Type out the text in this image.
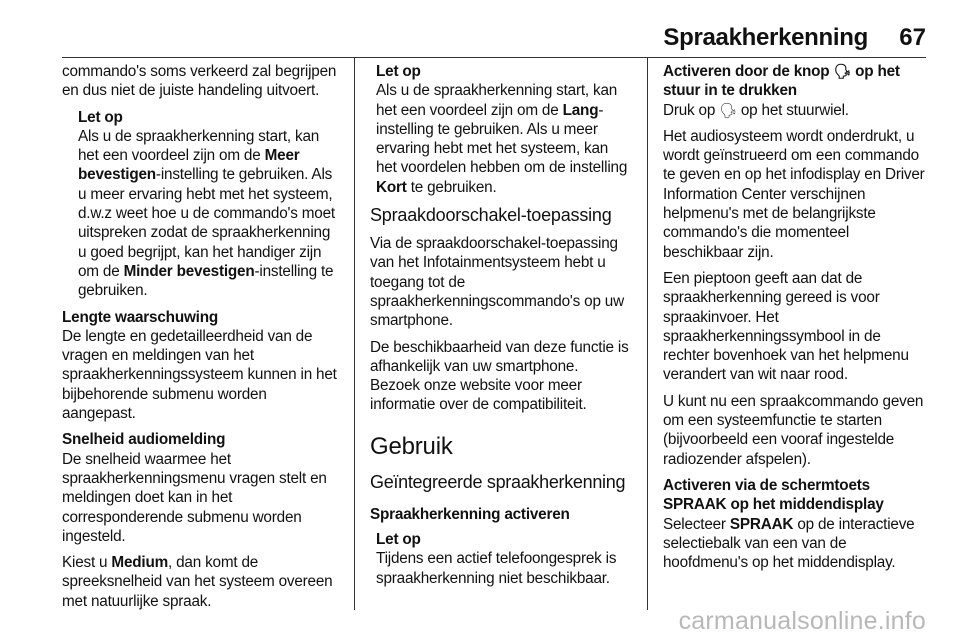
Spraakherkenning 67

commando's soms verkeerd zal begrijpen en dus niet de juiste handeling uitvoert.

Let op
Als u de spraakherkenning start, kan het een voordeel zijn om de Meer bevestigen-instelling te gebruiken. Als u meer ervaring hebt met het systeem, d.w.z weet hoe u de commando's moet uitspreken zodat de spraakherkenning u goed begrijpt, kan het handiger zijn om de Minder bevestigen-instelling te gebruiken.
Lengte waarschuwing
De lengte en gedetailleerdheid van de vragen en meldingen van het spraakherkenningssysteem kunnen in het bijbehorende submenu worden aangepast.
Snelheid audiomelding

De snelheid waarmee het spraakherkenningsmenu vragen stelt en meldingen doet kan in het corresponderende submenu worden ingesteld.

Kiest u Medium, dan komt de spreeksnelheid van het systeem overeen met natuurlijke spraak.

Let op
Als u de spraakherkenning start, kan het een voordeel zijn om de Lang-instelling te gebruiken. Als u meer ervaring hebt met het systeem, kan het voordelen hebben om de instelling Kort te gebruiken.
Spraakdoorschakel-toepassing

Via de spraakdoorschakel-toepassing van het Infotainmentsysteem hebt u toegang tot de spraakherkenningscommando's op uw smartphone.

De beschikbaarheid van deze functie is afhankelijk van uw smartphone. Bezoek onze website voor meer informatie over de compatibiliteit.

Gebruik
Geïntegreerde spraakherkenning
Spraakherkenning activeren
Let op
Tijdens een actief telefoongesprek is spraakherkenning niet beschikbaar.
Activeren door de knop 🗣︎ op het stuur in te drukken

Druk op 🗣︎ op het stuurwiel.

Het audiosysteem wordt onderdrukt, u wordt geïnstrueerd om een commando te geven en op het infodisplay en Driver Information Center verschijnen helpmenu's met de belangrijkste commando's die momenteel beschikbaar zijn.

Een pieptoon geeft aan dat de spraakherkenning gereed is voor spraakinvoer. Het spraakherkenningssymbool in de rechter bovenhoek van het helpmenu verandert van wit naar rood.

U kunt nu een spraakcommando geven om een systeemfunctie te starten (bijvoorbeeld een vooraf ingestelde radiozender afspelen).

Activeren via de schermtoets SPRAAK op het middendisplay

Selecteer SPRAAK op de interactieve selectiebalk van een van de hoofdmenu's op het middendisplay.

carmanualsonline.info
